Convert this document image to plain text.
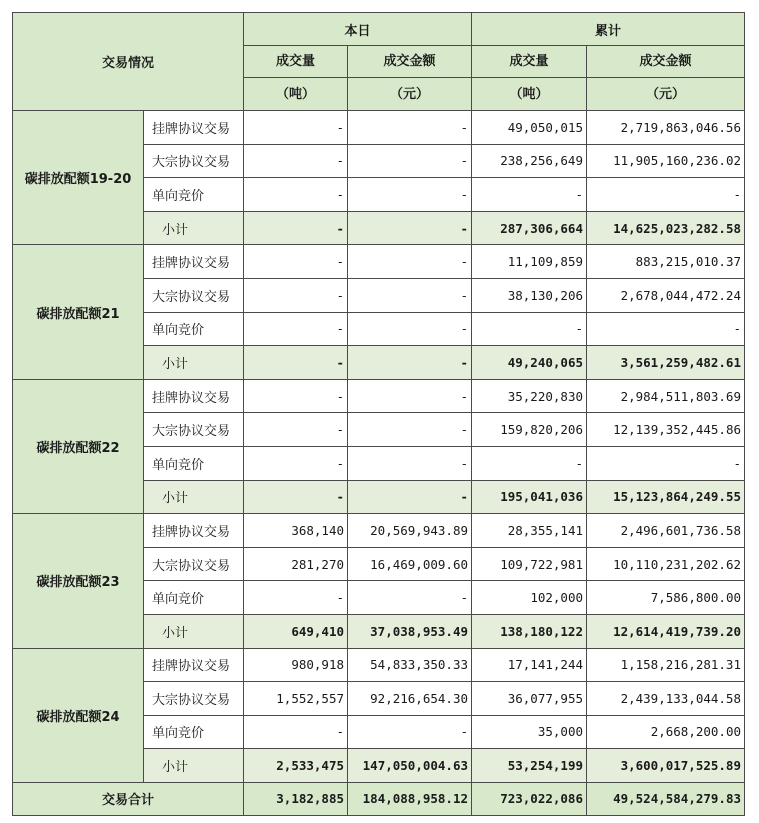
交易情况		本日		累计	
		成交量	成交金额	成交量	成交金额
		（吨）	（元）	（吨）	（元）
碳排放配额19-20	挂牌协议交易	-	-	49,050,015	2,719,863,046.56
	大宗协议交易	-	-	238,256,649	11,905,160,236.02
	单向竞价	-	-	-	-
	小计	-	-	287,306,664	14,625,023,282.58
碳排放配额21	挂牌协议交易	-	-	11,109,859	883,215,010.37
	大宗协议交易	-	-	38,130,206	2,678,044,472.24
	单向竞价	-	-	-	-
	小计	-	-	49,240,065	3,561,259,482.61
碳排放配额22	挂牌协议交易	-	-	35,220,830	2,984,511,803.69
	大宗协议交易	-	-	159,820,206	12,139,352,445.86
	单向竞价	-	-	-	-
	小计	-	-	195,041,036	15,123,864,249.55
碳排放配额23	挂牌协议交易	368,140	20,569,943.89	28,355,141	2,496,601,736.58
	大宗协议交易	281,270	16,469,009.60	109,722,981	10,110,231,202.62
	单向竞价	-	-	102,000	7,586,800.00
	小计	649,410	37,038,953.49	138,180,122	12,614,419,739.20
碳排放配额24	挂牌协议交易	980,918	54,833,350.33	17,141,244	1,158,216,281.31
	大宗协议交易	1,552,557	92,216,654.30	36,077,955	2,439,133,044.58
	单向竞价	-	-	35,000	2,668,200.00
	小计	2,533,475	147,050,004.63	53,254,199	3,600,017,525.89
交易合计		3,182,885	184,088,958.12	723,022,086	49,524,584,279.83
